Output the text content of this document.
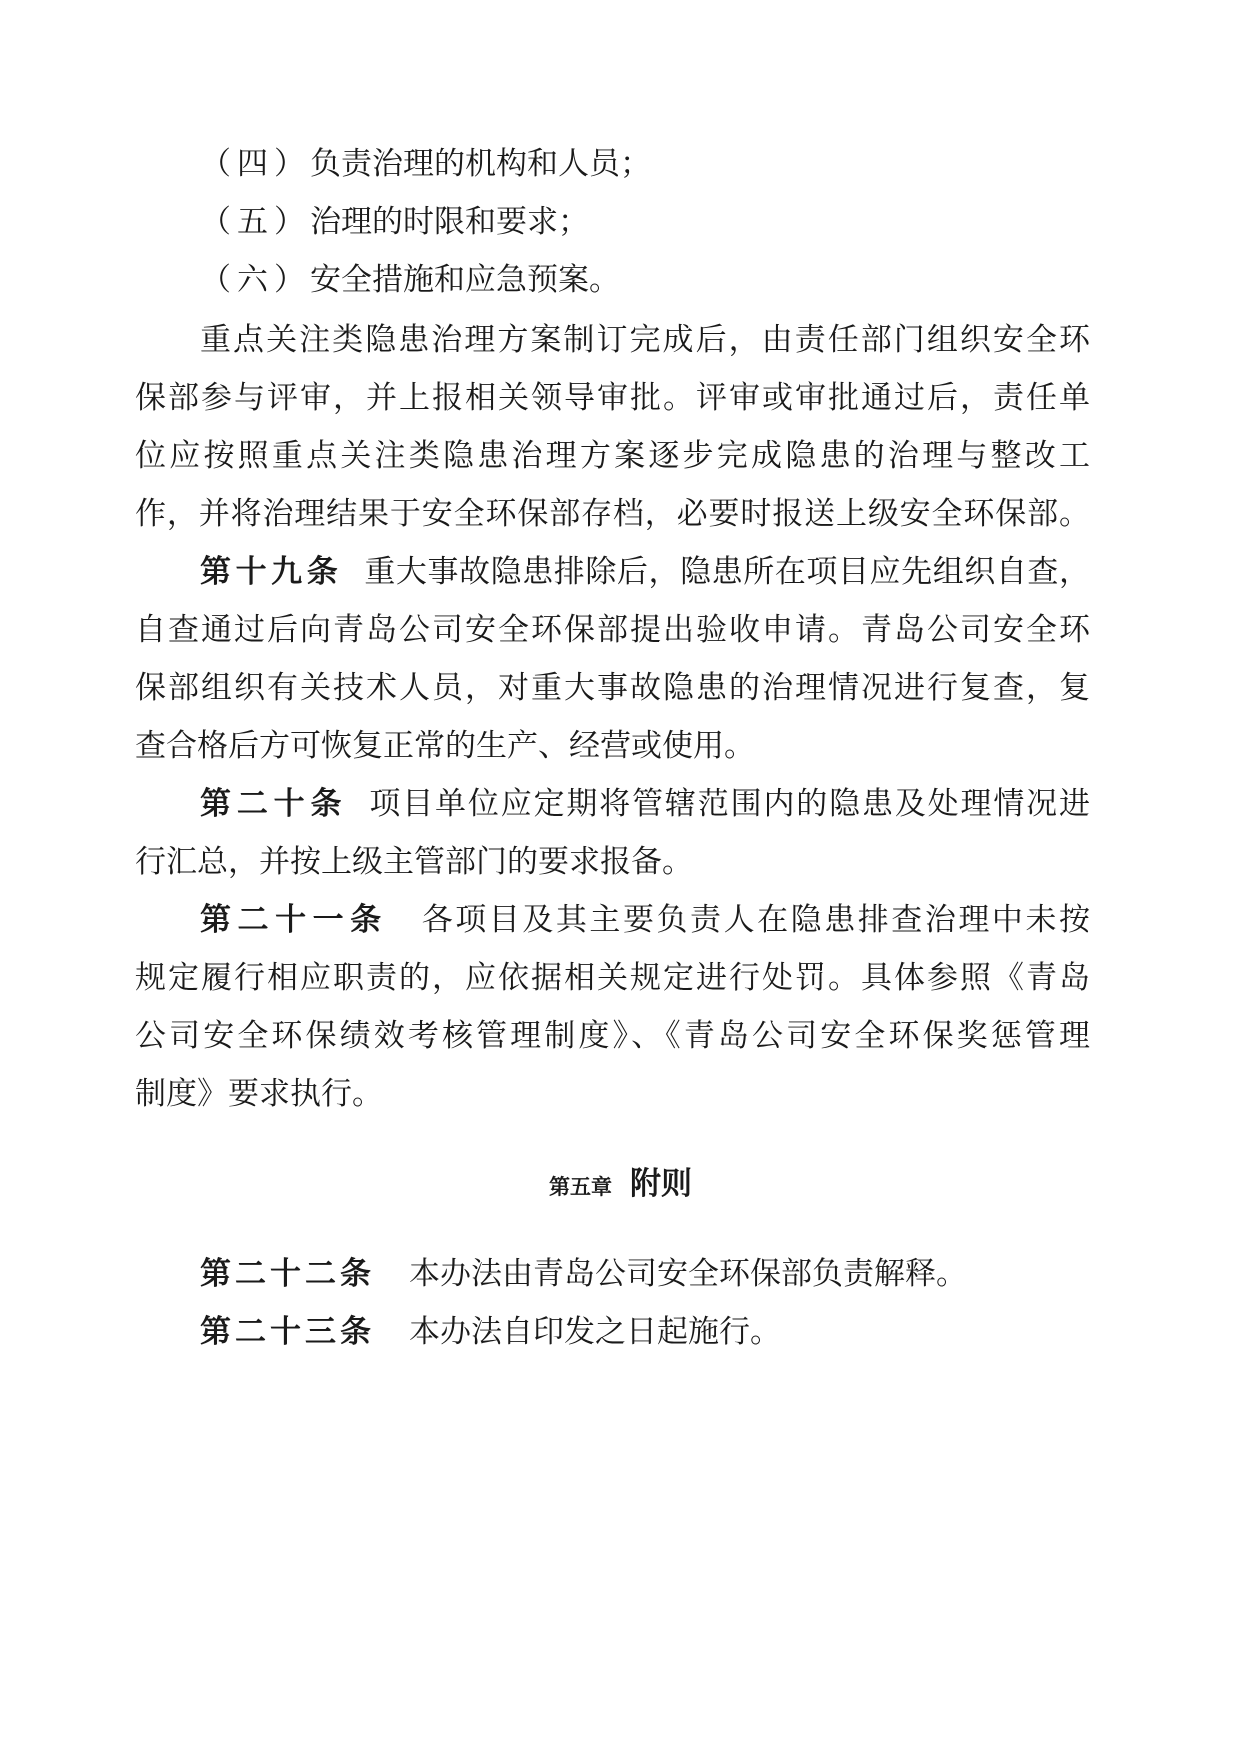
（四）负责治理的机构和人员；
（五）治理的时限和要求；
（六）安全措施和应急预案。
重点关注类隐患治理方案制订完成后，由责任部门组织安全环
保部参与评审，并上报相关领导审批。评审或审批通过后，责任单
位应按照重点关注类隐患治理方案逐步完成隐患的治理与整改工
作，并将治理结果于安全环保部存档，必要时报送上级安全环保部。
第十九条 重大事故隐患排除后，隐患所在项目应先组织自查，
自查通过后向青岛公司安全环保部提出验收申请。青岛公司安全环
保部组织有关技术人员，对重大事故隐患的治理情况进行复查，复
查合格后方可恢复正常的生产、经营或使用。
第二十条 项目单位应定期将管辖范围内的隐患及处理情况进
行汇总，并按上级主管部门的要求报备。
第二十一条 各项目及其主要负责人在隐患排查治理中未按
规定履行相应职责的，应依据相关规定进行处罚。具体参照《青岛
公司安全环保绩效考核管理制度》、《青岛公司安全环保奖惩管理
制度》要求执行。
第五章 附则
第二十二条 本办法由青岛公司安全环保部负责解释。
第二十三条 本办法自印发之日起施行。
